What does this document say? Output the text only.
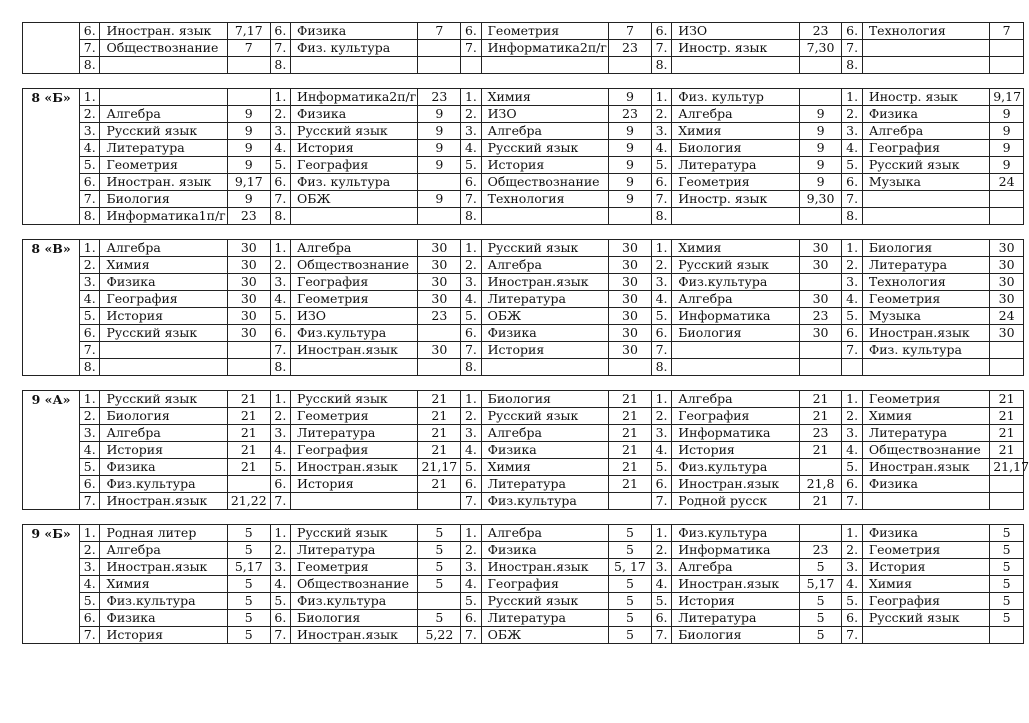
	6.	Иностран. язык	7,17	6.	Физика	7	6.	Геометрия	7	6.	ИЗО	23	6.	Технология	7
	7.	Обществознание	7	7.	Физ. культура		7.	Информатика2п/г	23	7.	Иностр. язык	7,30	7.		
	8.			8.						8.			8.		

8 «Б»	1.			1.	Информатика2п/г	23	1.	Химия	9	1.	Физ. культур		1.	Иностр. язык	9,17
	2.	Алгебра	9	2.	Физика	9	2.	ИЗО	23	2.	Алгебра	9	2.	Физика	9
	3.	Русский язык	9	3.	Русский язык	9	3.	Алгебра	9	3.	Химия	9	3.	Алгебра	9
	4.	Литература	9	4.	История	9	4.	Русский язык	9	4.	Биология	9	4.	География	9
	5.	Геометрия	9	5.	География	9	5.	История	9	5.	Литература	9	5.	Русский язык	9
	6.	Иностран. язык	9,17	6.	Физ. культура		6.	Обществознание	9	6.	Геометрия	9	6.	Музыка	24
	7.	Биология	9	7.	ОБЖ	9	7.	Технология	9	7.	Иностр. язык	9,30	7.		
	8.	Информатика1п/г	23	8.			8.			8.			8.		

8 «В»	1.	Алгебра	30	1.	Алгебра	30	1.	Русский язык	30	1.	Химия	30	1.	Биология	30
	2.	Химия	30	2.	Обществознание	30	2.	Алгебра	30	2.	Русский язык	30	2.	Литература	30
	3.	Физика	30	3.	География	30	3.	Иностран.язык	30	3.	Физ.культура		3.	Технология	30
	4.	География	30	4.	Геометрия	30	4.	Литература	30	4.	Алгебра	30	4.	Геометрия	30
	5.	История	30	5.	ИЗО	23	5.	ОБЖ	30	5.	Информатика	23	5.	Музыка	24
	6.	Русский язык	30	6.	Физ.культура		6.	Физика	30	6.	Биология	30	6.	Иностран.язык	30
	7.			7.	Иностран.язык	30	7.	История	30	7.			7.	Физ. культура	
	8.			8.			8.			8.					

9 «А»	1.	Русский язык	21	1.	Русский язык	21	1.	Биология	21	1.	Алгебра	21	1.	Геометрия	21
	2.	Биология	21	2.	Геометрия	21	2.	Русский язык	21	2.	География	21	2.	Химия	21
	3.	Алгебра	21	3.	Литература	21	3.	Алгебра	21	3.	Информатика	23	3.	Литература	21
	4.	История	21	4.	География	21	4.	Физика	21	4.	История	21	4.	Обществознание	21
	5.	Физика	21	5.	Иностран.язык	21,17	5.	Химия	21	5.	Физ.культура		5.	Иностран.язык	21,17
	6.	Физ.культура		6.	История	21	6.	Литература	21	6.	Иностран.язык	21,8	6.	Физика	
	7.	Иностран.язык	21,22	7.			7.	Физ.культура		7.	Родной русск	21	7.		

9 «Б»	1.	Родная литер	5	1.	Русский язык	5	1.	Алгебра	5	1.	Физ.культура		1.	Физика	5
	2.	Алгебра	5	2.	Литература	5	2.	Физика	5	2.	Информатика	23	2.	Геометрия	5
	3.	Иностран.язык	5,17	3.	Геометрия	5	3.	Иностран.язык	5, 17	3.	Алгебра	5	3.	История	5
	4.	Химия	5	4.	Обществознание	5	4.	География	5	4.	Иностран.язык	5,17	4.	Химия	5
	5.	Физ.культура	5	5.	Физ.культура		5.	Русский язык	5	5.	История	5	5.	География	5
	6.	Физика	5	6.	Биология	5	6.	Литература	5	6.	Литература	5	6.	Русский язык	5
	7.	История	5	7.	Иностран.язык	5,22	7.	ОБЖ	5	7.	Биология	5	7.		
